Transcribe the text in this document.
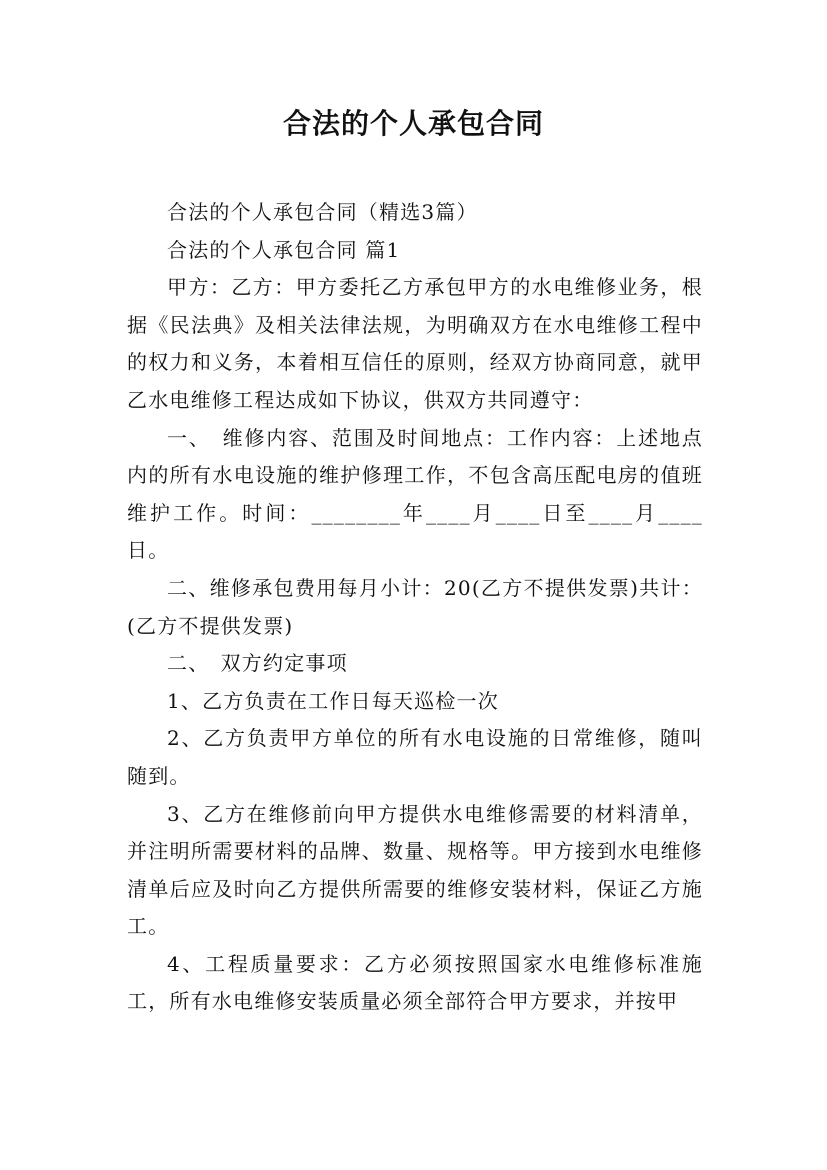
合法的个人承包合同

合法的个人承包合同（精选3篇）

合法的个人承包合同 篇1

甲方：乙方：甲方委托乙方承包甲方的水电维修业务，根据《民法典》及相关法律法规，为明确双方在水电维修工程中的权力和义务，本着相互信任的原则，经双方协商同意，就甲乙水电维修工程达成如下协议，供双方共同遵守：

一、　维修内容、范围及时间地点：工作内容：上述地点内的所有水电设施的维护修理工作，不包含高压配电房的值班维护工作。时间：________年____月____日至____月____日。

二、维修承包费用每月小计：20(乙方不提供发票)共计：(乙方不提供发票)

二、　双方约定事项

1、乙方负责在工作日每天巡检一次

2、乙方负责甲方单位的所有水电设施的日常维修，随叫随到。

3、乙方在维修前向甲方提供水电维修需要的材料清单，并注明所需要材料的品牌、数量、规格等。甲方接到水电维修清单后应及时向乙方提供所需要的维修安装材料，保证乙方施工。

4、工程质量要求：乙方必须按照国家水电维修标准施工，所有水电维修安装质量必须全部符合甲方要求，并按甲
